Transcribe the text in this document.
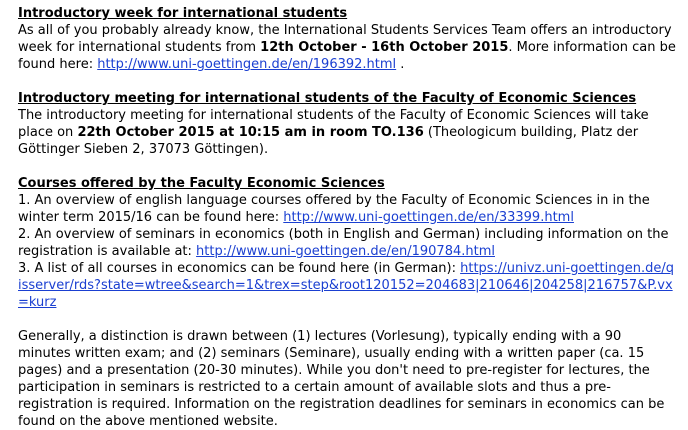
Introductory week for international students

As all of you probably already know, the International Students Services Team offers an introductory week for international students from 12th October - 16th October 2015. More information can be found here: http://www.uni-goettingen.de/en/196392.html .

Introductory meeting for international students of the Faculty of Economic Sciences

The introductory meeting for international students of the Faculty of Economic Sciences will take place on 22th October 2015 at 10:15 am in room TO.136 (Theologicum building, Platz der Göttinger Sieben 2, 37073 Göttingen).

Courses offered by the Faculty Economic Sciences

1. An overview of english language courses offered by the Faculty of Economic Sciences in in the winter term 2015/16 can be found here: http://www.uni-goettingen.de/en/33399.html

2. An overview of seminars in economics (both in English and German) including information on the registration is available at: http://www.uni-goettingen.de/en/190784.html

3. A list of all courses in economics can be found here (in German): https://univz.uni-goettingen.de/qisserver/rds?state=wtree&search=1&trex=step&root120152=204683|210646|204258|216757&P.vx=kurz

Generally, a distinction is drawn between (1) lectures (Vorlesung), typically ending with a 90 minutes written exam; and (2) seminars (Seminare), usually ending with a written paper (ca. 15 pages) and a presentation (20-30 minutes). While you don't need to pre-register for lectures, the participation in seminars is restricted to a certain amount of available slots and thus a pre-registration is required. Information on the registration deadlines for seminars in economics can be found on the above mentioned website.
